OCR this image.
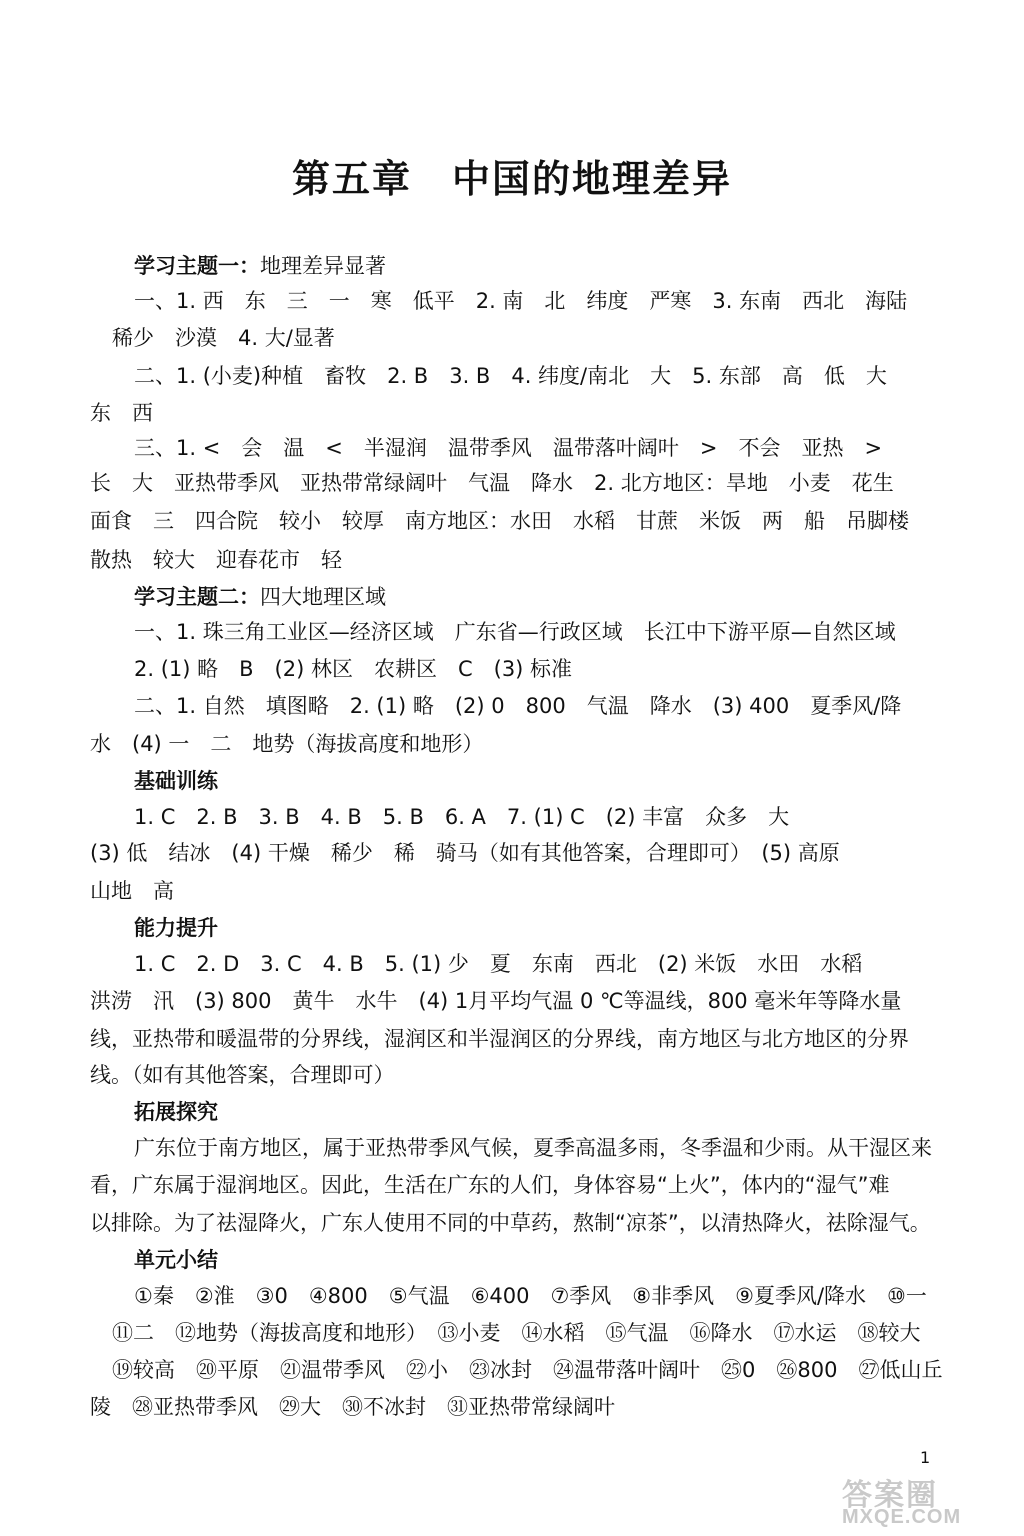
第五章　中国的地理差异
学习主题一：地理差异显著
一、1. 西　东　三　一　寒　低平　2. 南　北　纬度　严寒　3. 东南　西北　海陆
稀少　沙漠　4. 大/显著
二、1. (小麦)种植　畜牧　2. B　3. B　4. 纬度/南北　大　5. 东部　高　低　大
东　西
三、1. <　会　温　<　半湿润　温带季风　温带落叶阔叶　>　不会　亚热　>
长　大　亚热带季风　亚热带常绿阔叶　气温　降水　2. 北方地区：旱地　小麦　花生
面食　三　四合院　较小　较厚　南方地区：水田　水稻　甘蔗　米饭　两　船　吊脚楼
散热　较大　迎春花市　轻
学习主题二：四大地理区域
一、1. 珠三角工业区—经济区域　广东省—行政区域　长江中下游平原—自然区域
2. (1) 略　B　(2) 林区　农耕区　C　(3) 标准
二、1. 自然　填图略　2. (1) 略　(2) 0　800　气温　降水　(3) 400　夏季风/降
水　(4) 一　二　地势（海拔高度和地形）
基础训练
1. C　2. B　3. B　4. B　5. B　6. A　7. (1) C　(2) 丰富　众多　大
(3) 低　结冰　(4) 干燥　稀少　稀　骑马（如有其他答案，合理即可）　(5) 高原
山地　高
能力提升
1. C　2. D　3. C　4. B　5. (1) 少　夏　东南　西北　(2) 米饭　水田　水稻
洪涝　汛　(3) 800　黄牛　水牛　(4) 1月平均气温 0 ℃等温线，800 毫米年等降水量
线，亚热带和暖温带的分界线，湿润区和半湿润区的分界线，南方地区与北方地区的分界
线。（如有其他答案，合理即可）
拓展探究
广东位于南方地区，属于亚热带季风气候，夏季高温多雨，冬季温和少雨。从干湿区来
看，广东属于湿润地区。因此，生活在广东的人们，身体容易“上火”，体内的“湿气”难
以排除。为了祛湿降火，广东人使用不同的中草药，熬制“凉茶”，以清热降火，祛除湿气。
单元小结
①秦　②淮　③0　④800　⑤气温　⑥400　⑦季风　⑧非季风　⑨夏季风/降水　⑩一
⑪二　⑫地势（海拔高度和地形）　⑬小麦　⑭水稻　⑮气温　⑯降水　⑰水运　⑱较大
⑲较高　⑳平原　㉑温带季风　㉒小　㉓冰封　㉔温带落叶阔叶　㉕0　㉖800　㉗低山丘
陵　㉘亚热带季风　㉙大　㉚不冰封　㉛亚热带常绿阔叶
1
答案圈
MXQE.COM
